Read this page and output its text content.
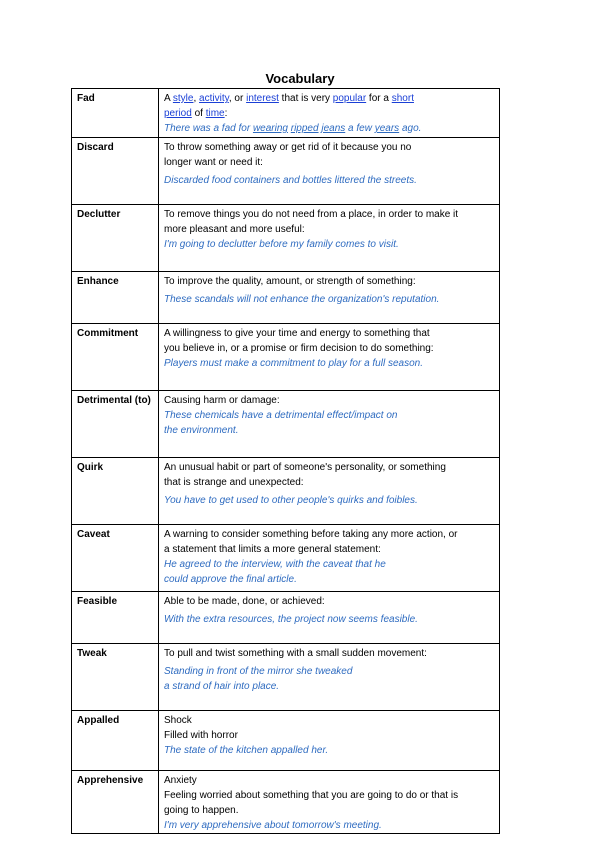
Vocabulary
Fad	A style, activity, or interest that is very popular for a short
period of time:
There was a fad for wearing ripped jeans a few years ago.

Discard	To throw something away or get rid of it because you no
longer want or need it:
Discarded food containers and bottles littered the streets.

Declutter	To remove things you do not need from a place, in order to make it
more pleasant and more useful:
I'm going to declutter before my family comes to visit.

Enhance	To improve the quality, amount, or strength of something:
These scandals will not enhance the organization's reputation.

Commitment	A willingness to give your time and energy to something that
you believe in, or a promise or firm decision to do something:
Players must make a commitment to play for a full season.

Detrimental (to)	Causing harm or damage:
These chemicals have a detrimental effect/impact on
the environment.

Quirk	An unusual habit or part of someone's personality, or something
that is strange and unexpected:
You have to get used to other people's quirks and foibles.

Caveat	A warning to consider something before taking any more action, or
a statement that limits a more general statement:
He agreed to the interview, with the caveat that he
could approve the final article.

Feasible	Able to be made, done, or achieved:
With the extra resources, the project now seems feasible.

Tweak	To pull and twist something with a small sudden movement:
Standing in front of the mirror she tweaked
a strand of hair into place.

Appalled	Shock
Filled with horror
The state of the kitchen appalled her.

Apprehensive	Anxiety
Feeling worried about something that you are going to do or that is
going to happen.
I'm very apprehensive about tomorrow's meeting.
